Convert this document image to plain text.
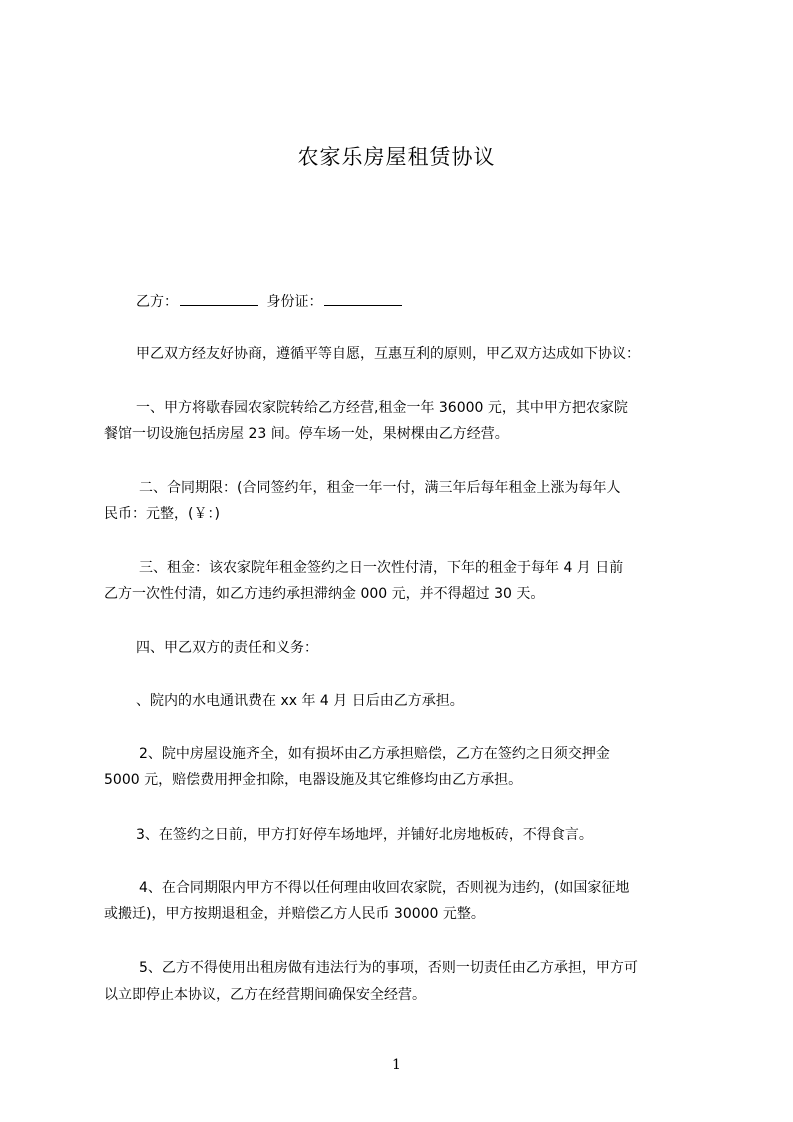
农家乐房屋租赁协议
乙方：	身份证：
甲乙双方经友好协商，遵循平等自愿，互惠互利的原则，甲乙双方达成如下协议：
一、甲方将歇春园农家院转给乙方经营,租金一年 36000 元，其中甲方把农家院
餐馆一切设施包括房屋 23 间。停车场一处，果树棵由乙方经营。
二、合同期限：(合同签约年，租金一年一付，满三年后每年租金上涨为每年人
民币：元整，(￥：)
三、租金：该农家院年租金签约之日一次性付清，下年的租金于每年 4 月 日前
乙方一次性付清，如乙方违约承担滞纳金 000 元，并不得超过 30 天。
四、甲乙双方的责任和义务：
、院内的水电通讯费在 xx 年 4 月 日后由乙方承担。
2、院中房屋设施齐全，如有损坏由乙方承担赔偿，乙方在签约之日须交押金
5000 元，赔偿费用押金扣除，电器设施及其它维修均由乙方承担。
3、在签约之日前，甲方打好停车场地坪，并铺好北房地板砖，不得食言。
4、在合同期限内甲方不得以任何理由收回农家院，否则视为违约，(如国家征地
或搬迁)，甲方按期退租金，并赔偿乙方人民币 30000 元整。
5、乙方不得使用出租房做有违法行为的事项，否则一切责任由乙方承担，甲方可
以立即停止本协议，乙方在经营期间确保安全经营。
1
